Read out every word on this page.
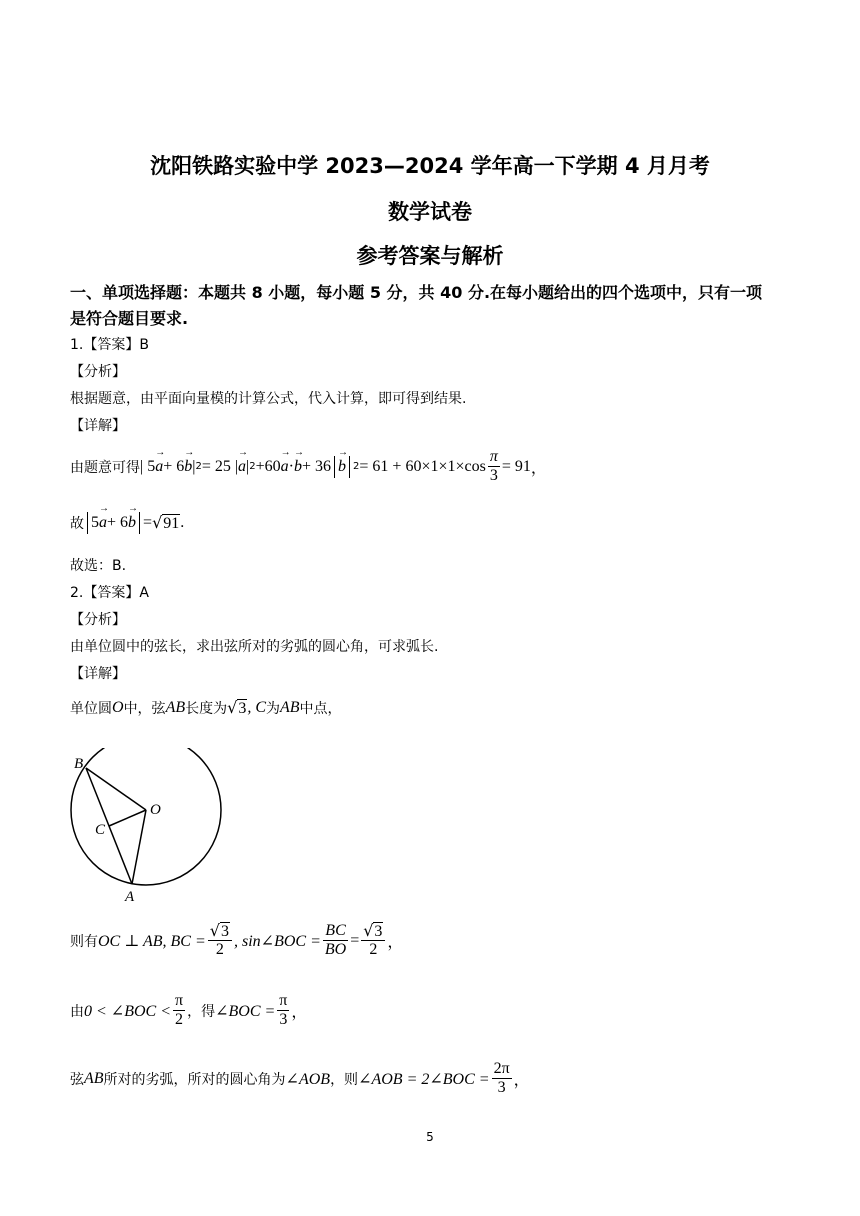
沈阳铁路实验中学 2023—2024 学年高一下学期 4 月月考
数学试卷
参考答案与解析
一、单项选择题：本题共 8 小题，每小题 5 分，共 40 分.在每小题给出的四个选项中，只有一项
是符合题目要求.
1.【答案】B
【分析】
根据题意，由平面向量模的计算公式，代入计算，即可得到结果.
【详解】
由题意可得 | 5 → a + 6 → b | 2 = 25 | → a | 2 +60 → a · → b + 36 → b $2 = 61 + 60\times 1\times 1\times\cos \frac{\pi}{3} = 91$ ，
故 5 → a + 6 → b = √ 91 .
故选：B.
2.【答案】A
【分析】
由单位圆中的弦长，求出弦所对的劣弧的圆心角，可求弧长.
【详解】
单位圆 O 中，弦 AB 长度为 √ 3 , C 为 AB 中点，
B
O
C
A
则有 OC ⊥ AB, BC = $\frac{√ 3}{2}$ , sin∠BOC = $\frac{BC}{BO} = \frac{√ 3}{2}$ ，
由 0 < ∠BOC < $\frac{\pi}{2}$ ，得 ∠BOC = $\frac{\pi}{3}$ ，
弦 AB 所对的劣弧，所对的圆心角为 ∠AOB ，则 ∠AOB = 2∠BOC = $\frac{2\pi}{3}$ ，
5
